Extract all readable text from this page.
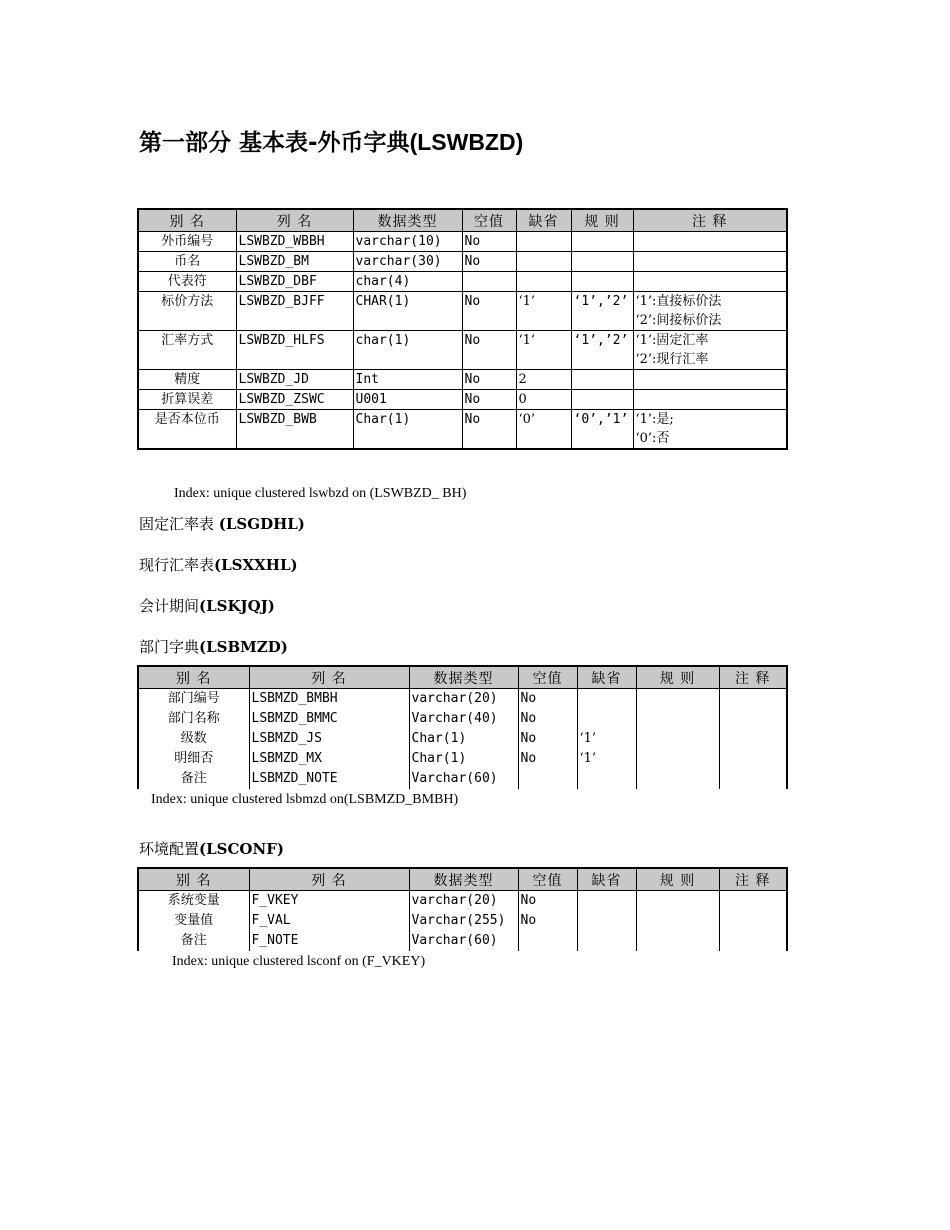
第一部分 基本表-外币字典(LSWBZD)
别 名	列 名	数据类型	空值	缺省	规 则	注 释
外币编号	LSWBZD_WBBH	varchar(10)	No			
币名	LSWBZD_BM	varchar(30)	No			
代表符	LSWBZD_DBF	char(4)				
标价方法	LSWBZD_BJFF	CHAR(1)	No	‘1’	‘1’,’2’	‘1’:直接标价法
‘2’:间接标价法
汇率方式	LSWBZD_HLFS	char(1)	No	‘1’	‘1’,’2’	‘1’:固定汇率
‘2’:现行汇率
精度	LSWBZD_JD	Int	No	2		
折算误差	LSWBZD_ZSWC	U001	No	0		
是否本位币	LSWBZD_BWB	Char(1)	No	‘0’	‘0’,’1’	‘1’:是;
‘0’:否
Index: unique clustered lswbzd on (LSWBZD_ BH)
固定汇率表 (LSGDHL)
现行汇率表(LSXXHL)
会计期间(LSKJQJ)
部门字典(LSBMZD)
别 名	列 名	数据类型	空值	缺省	规 则	注 释
部门编号	LSBMZD_BMBH	varchar(20)	No			
部门名称	LSBMZD_BMMC	Varchar(40)	No			
级数	LSBMZD_JS	Char(1)	No	‘1’		
明细否	LSBMZD_MX	Char(1)	No	‘1’		
备注	LSBMZD_NOTE	Varchar(60)				
Index: unique clustered lsbmzd on(LSBMZD_BMBH)
环境配置(LSCONF)
别 名	列 名	数据类型	空值	缺省	规 则	注 释
系统变量	F_VKEY	varchar(20)	No			
变量值	F_VAL	Varchar(255)	No			
备注	F_NOTE	Varchar(60)				
Index: unique clustered lsconf on (F_VKEY)
